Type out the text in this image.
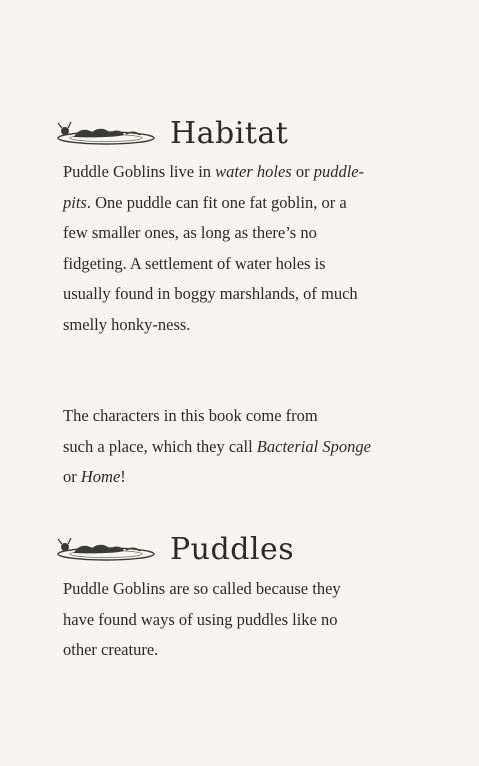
Habitat

Puddle Goblins live in water holes or puddle-
pits. One puddle can fit one fat goblin, or a
few smaller ones, as long as there’s no
fidgeting. A settlement of water holes is
usually found in boggy marshlands, of much
smelly honky-ness.

The characters in this book come from
such a place, which they call Bacterial Sponge
or Home!

Puddles

Puddle Goblins are so called because they
have found ways of using puddles like no
other creature.
